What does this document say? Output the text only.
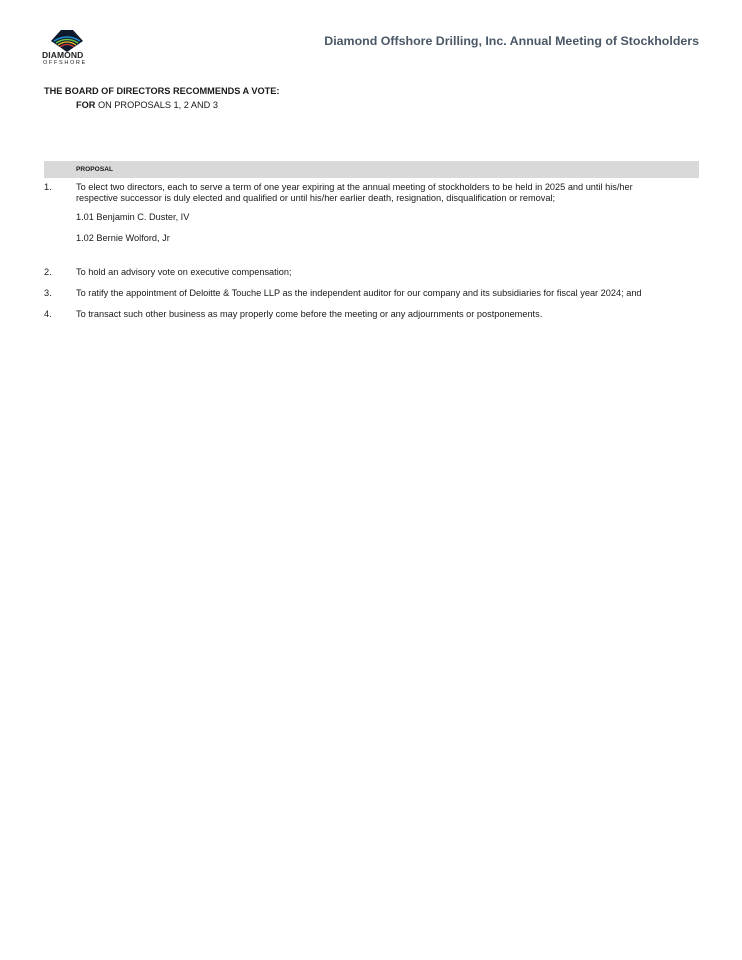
DIAMOND
OFFSHORE
Diamond Offshore Drilling, Inc. Annual Meeting of Stockholders
THE BOARD OF DIRECTORS RECOMMENDS A VOTE:
FOR ON PROPOSALS 1, 2 AND 3
PROPOSAL
1.	To elect two directors, each to serve a term of one year expiring at the annual meeting of stockholders to be held in 2025 and until his/her
respective successor is duly elected and qualified or until his/her earlier death, resignation, disqualification or removal;
1.01 Benjamin C. Duster, IV
1.02 Bernie Wolford, Jr
2.	To hold an advisory vote on executive compensation;
3.	To ratify the appointment of Deloitte & Touche LLP as the independent auditor for our company and its subsidiaries for fiscal year 2024; and
4.	To transact such other business as may properly come before the meeting or any adjournments or postponements.
